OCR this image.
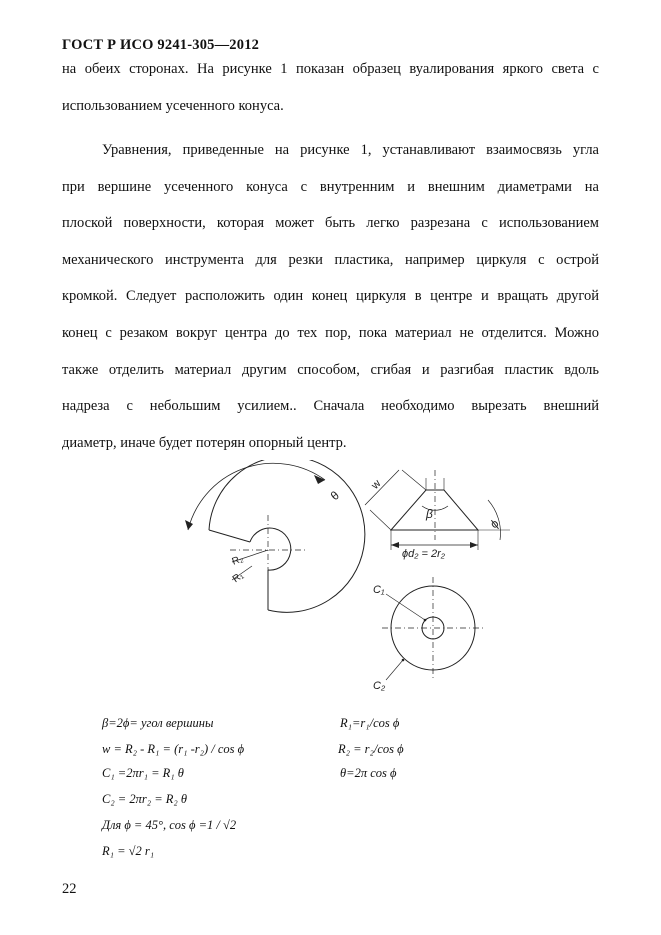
ГОСТ Р ИСО 9241-305—2012
на обеих сторонах. На рисунке 1 показан образец вуалирования яркого света с
использованием усеченного конуса.
Уравнения, приведенные на рисунке 1, устанавливают взаимосвязь угла
при вершине усеченного конуса с внутренним и внешним диаметрами на
плоской поверхности, которая может быть легко разрезана с использованием
механического инструмента для резки пластика, например циркуля с острой
кромкой. Следует расположить один конец циркуля в центре и вращать другой
конец с резаком вокруг центра до тех пор, пока материал не отделится. Можно
также отделить материал другим способом, сгибая и разгибая пластик вдоль
надреза с небольшим усилием.. Сначала необходимо вырезать внешний
диаметр, иначе будет потерян опорный центр.
θ
R₂
R₁
w
β
ϕ
ϕd₂ = 2r₂
C₁
C₂
β=2ϕ= угол вершины
w = R₂ - R₁ = (r₁ -r₂) / cos ϕ
C₁ =2πr₁ = R₁ θ
C₂ = 2πr₂ = R₂ θ
Для ϕ = 45°, cos ϕ =1 / √2
R₁ = √2 r₁
R₁=r₁/cos ϕ
R₂ = r₂/cos ϕ
θ=2π cos ϕ
22
